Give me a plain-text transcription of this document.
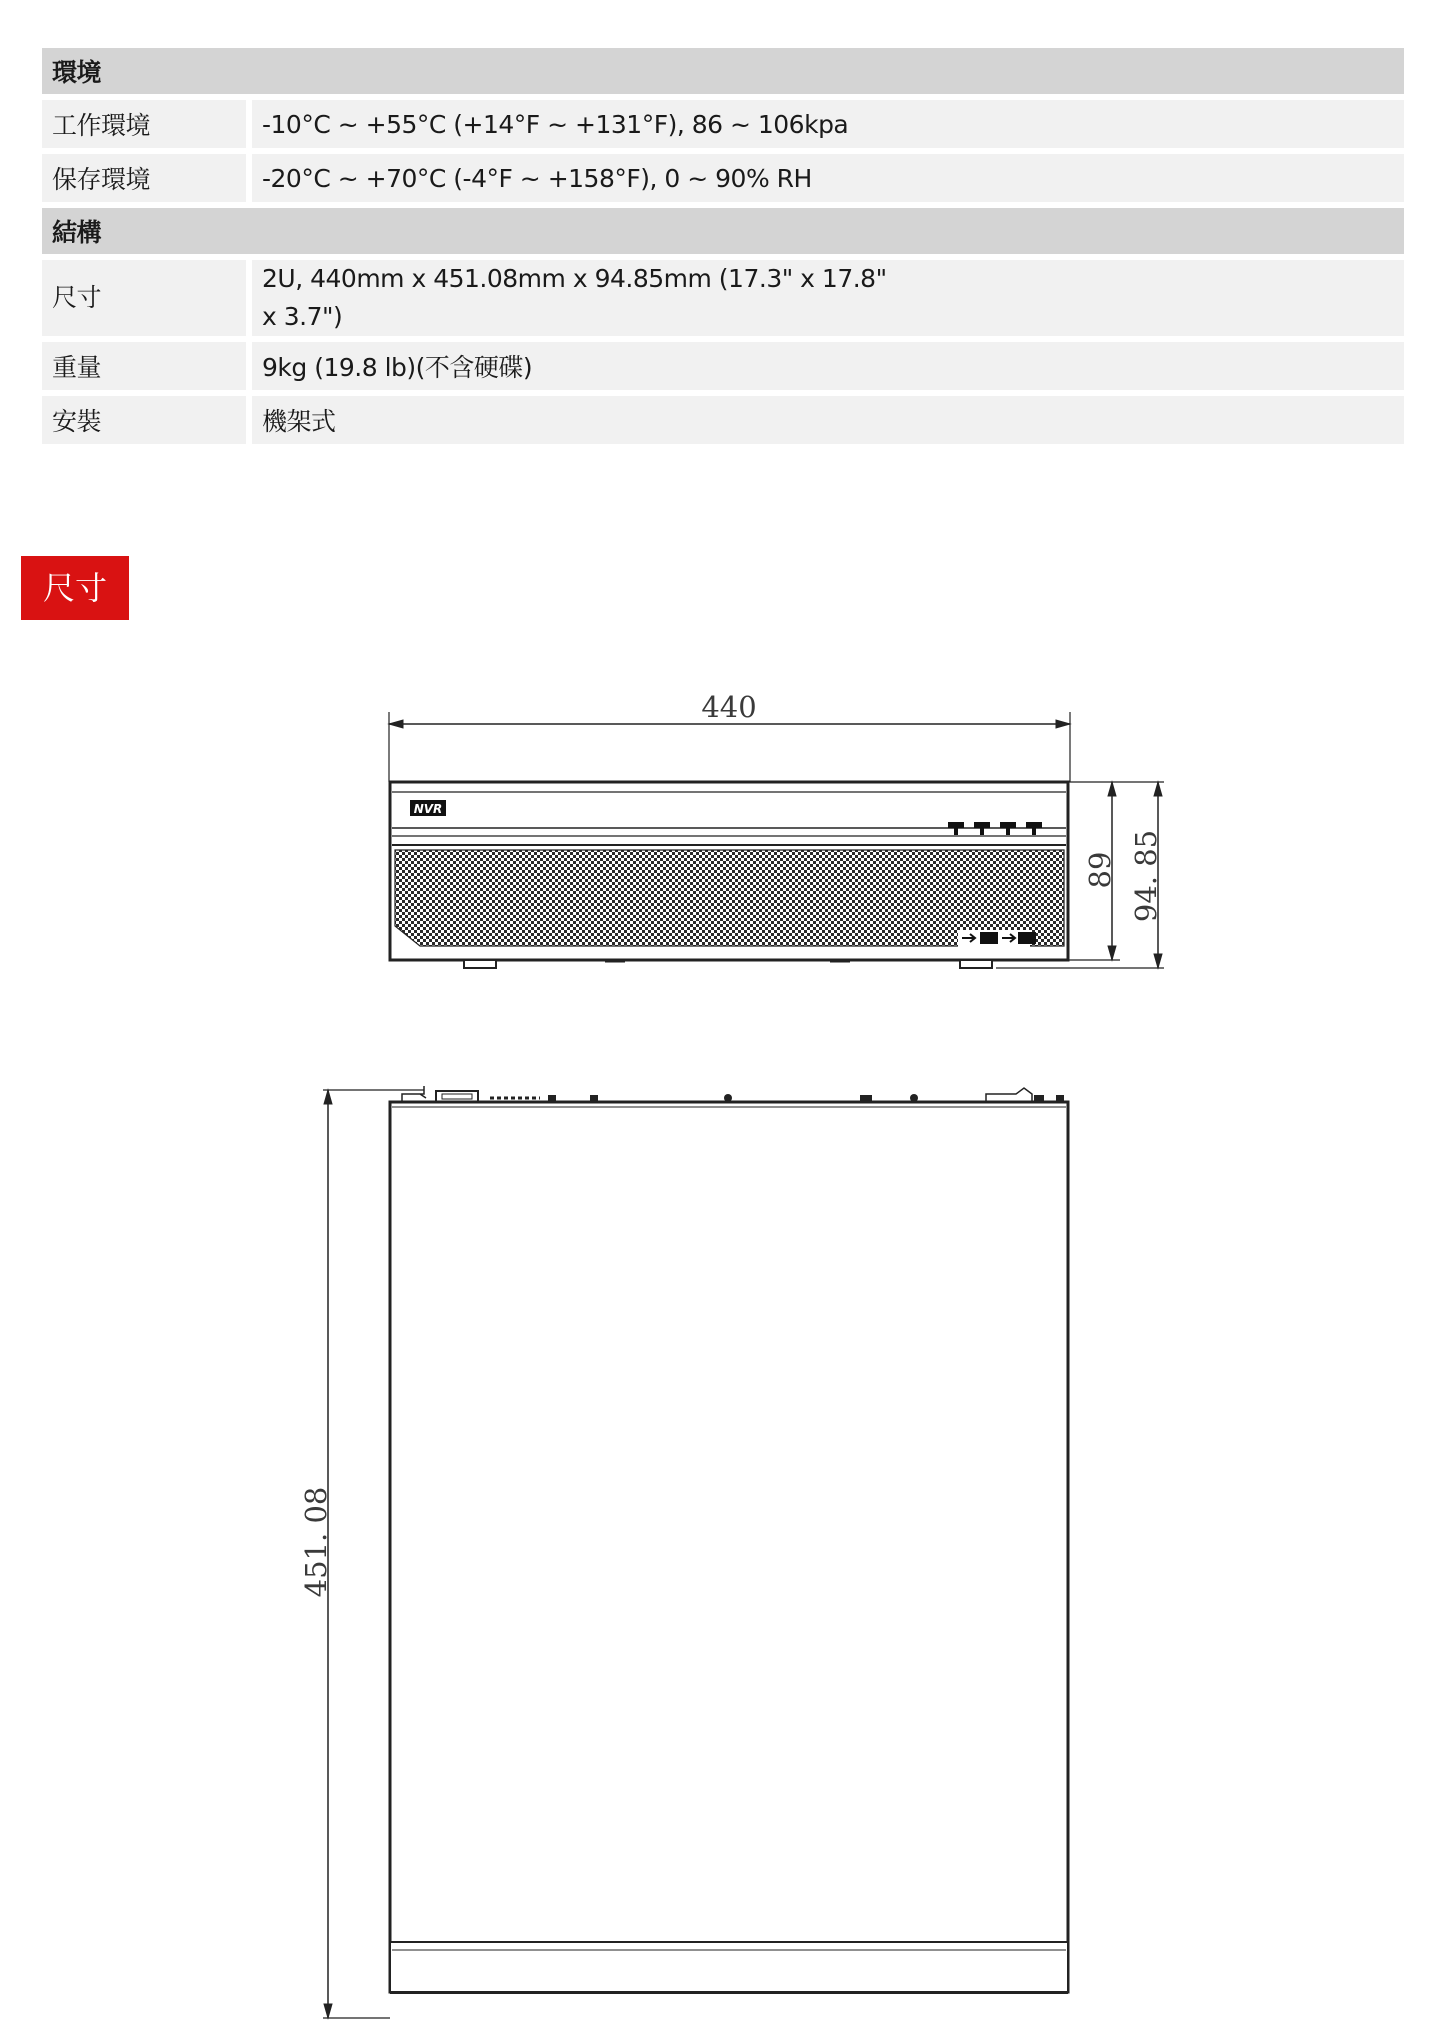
環境	
工作環境	-10°C ~ +55°C (+14°F ~ +131°F), 86 ~ 106kpa
保存環境	-20°C ~ +70°C (-4°F ~ +158°F), 0 ~ 90% RH
結構	
尺寸	2U, 440mm x 451.08mm x 94.85mm (17.3" x 17.8"
x 3.7")
重量	9kg (19.8 lb)(不含硬碟)
安裝	機架式
尺寸
NVR
440
89 94. 85
451. 08
